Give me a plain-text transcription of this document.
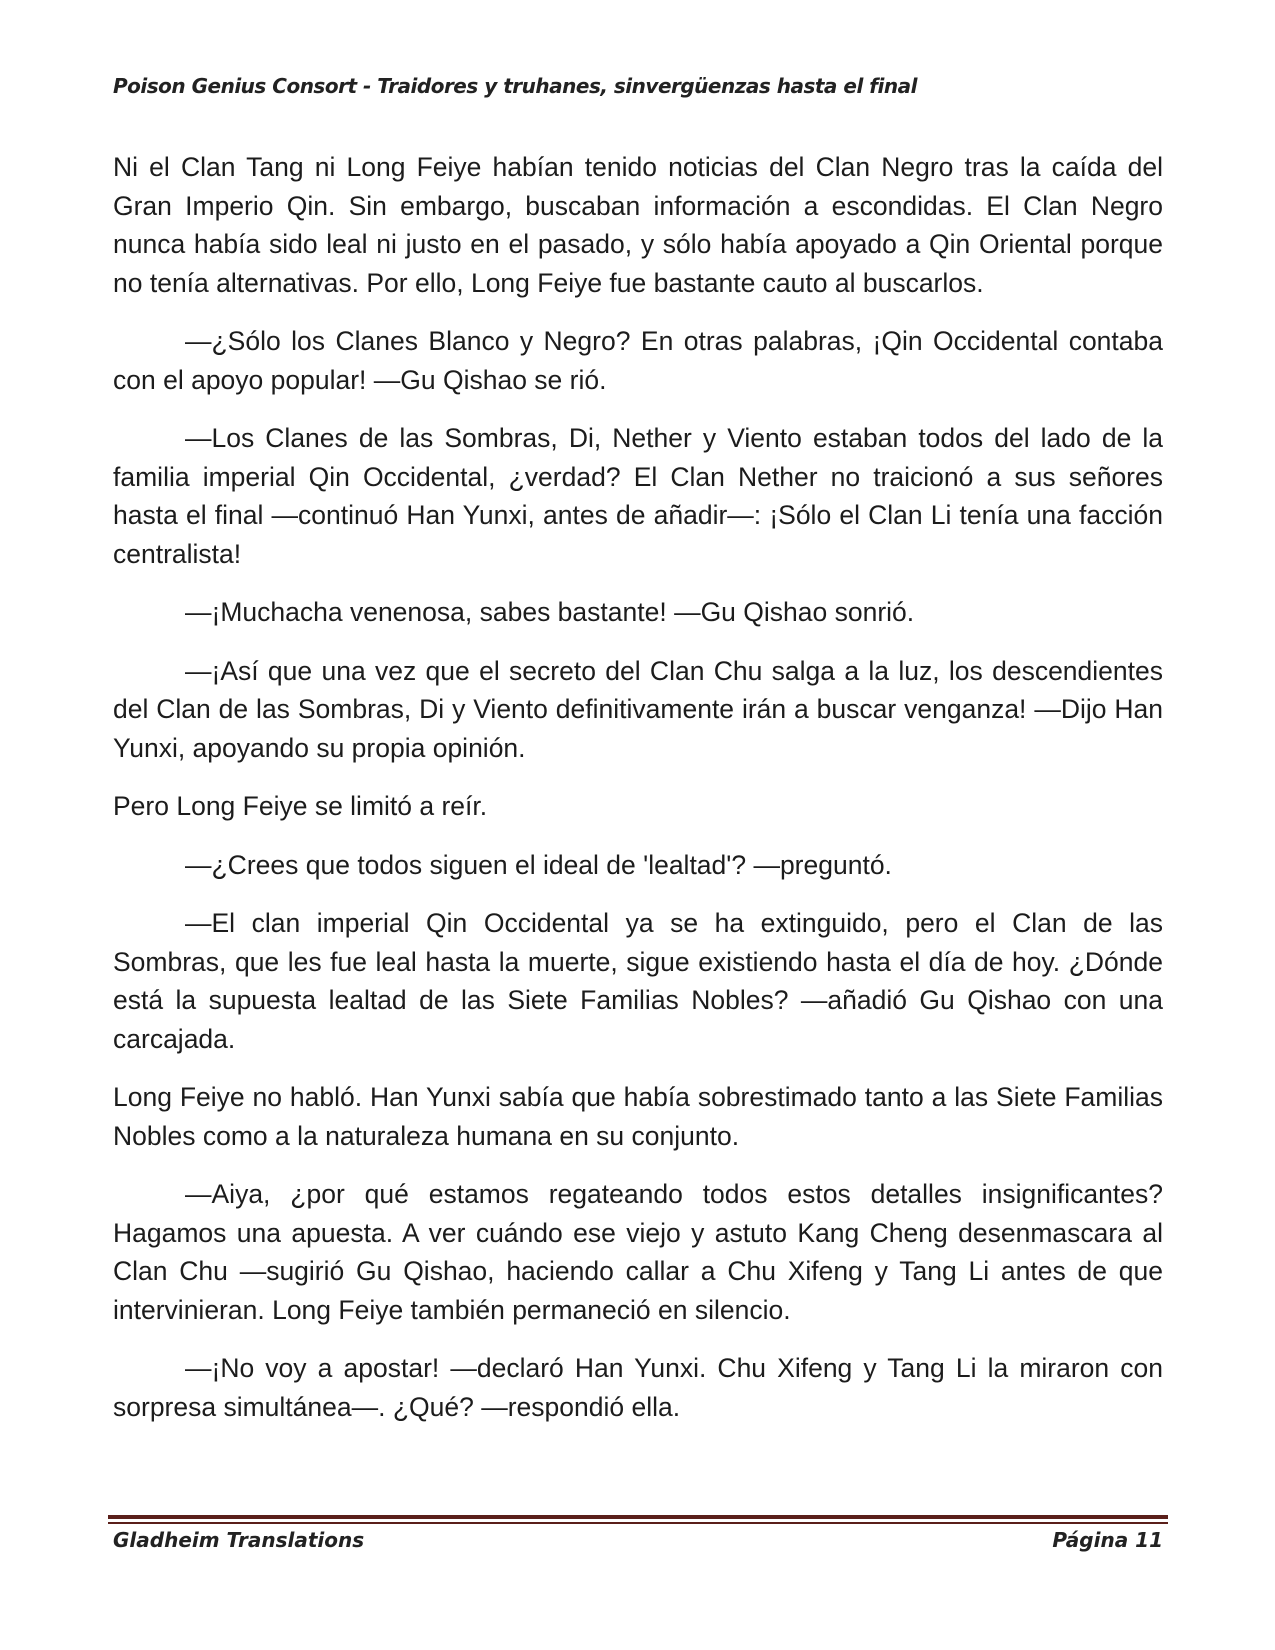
Poison Genius Consort - Traidores y truhanes, sinvergüenzas hasta el final

Ni el Clan Tang ni Long Feiye habían tenido noticias del Clan Negro tras la caída del Gran Imperio Qin. Sin embargo, buscaban información a escondidas. El Clan Negro nunca había sido leal ni justo en el pasado, y sólo había apoyado a Qin Oriental porque no tenía alternativas. Por ello, Long Feiye fue bastante cauto al buscarlos.

—¿Sólo los Clanes Blanco y Negro? En otras palabras, ¡Qin Occidental contaba con el apoyo popular! —Gu Qishao se rió.

—Los Clanes de las Sombras, Di, Nether y Viento estaban todos del lado de la familia imperial Qin Occidental, ¿verdad? El Clan Nether no traicionó a sus señores hasta el final —continuó Han Yunxi, antes de añadir—: ¡Sólo el Clan Li tenía una facción centralista!

—¡Muchacha venenosa, sabes bastante! —Gu Qishao sonrió.

—¡Así que una vez que el secreto del Clan Chu salga a la luz, los descendientes del Clan de las Sombras, Di y Viento definitivamente irán a buscar venganza! —Dijo Han Yunxi, apoyando su propia opinión.

Pero Long Feiye se limitó a reír.

—¿Crees que todos siguen el ideal de 'lealtad'? —preguntó.

—El clan imperial Qin Occidental ya se ha extinguido, pero el Clan de las Sombras, que les fue leal hasta la muerte, sigue existiendo hasta el día de hoy. ¿Dónde está la supuesta lealtad de las Siete Familias Nobles? —añadió Gu Qishao con una carcajada.

Long Feiye no habló. Han Yunxi sabía que había sobrestimado tanto a las Siete Familias Nobles como a la naturaleza humana en su conjunto.

—Aiya, ¿por qué estamos regateando todos estos detalles insignificantes? Hagamos una apuesta. A ver cuándo ese viejo y astuto Kang Cheng desenmascara al Clan Chu —sugirió Gu Qishao, haciendo callar a Chu Xifeng y Tang Li antes de que intervinieran. Long Feiye también permaneció en silencio.

—¡No voy a apostar! —declaró Han Yunxi. Chu Xifeng y Tang Li la miraron con sorpresa simultánea—. ¿Qué? —respondió ella.

Gladheim Translations	Página 11
